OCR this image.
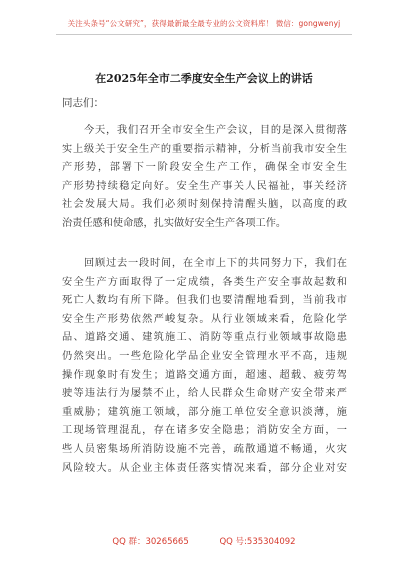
关注头条号“公文研究”，获得最新最全最专业的公文资料库！ 微信：gongwenyj
在2025年全市二季度安全生产会议上的讲话
同志们：
　　今天，我们召开全市安全生产会议，目的是深入贯彻落
实上级关于安全生产的重要指示精神，分析当前我市安全生
产形势，部署下一阶段安全生产工作，确保全市安全生
产形势持续稳定向好。安全生产事关人民福祉，事关经济
社会发展大局。我们必须时刻保持清醒头脑，以高度的政
治责任感和使命感，扎实做好安全生产各项工作。
　　回顾过去一段时间，在全市上下的共同努力下，我们在
安全生产方面取得了一定成绩，各类生产安全事故起数和
死亡人数均有所下降。但我们也要清醒地看到，当前我市
安全生产形势依然严峻复杂。从行业领域来看，危险化学
品、道路交通、建筑施工、消防等重点行业领域事故隐患
仍然突出。一些危险化学品企业安全管理水平不高，违规
操作现象时有发生；道路交通方面，超速、超载、疲劳驾
驶等违法行为屡禁不止，给人民群众生命财产安全带来严
重威胁；建筑施工领域，部分施工单位安全意识淡薄，施
工现场管理混乱，存在诸多安全隐患；消防安全方面，一
些人员密集场所消防设施不完善，疏散通道不畅通，火灾
风险较大。从企业主体责任落实情况来看，部分企业对安
QQ 群：30265665	QQ 号:535304092
